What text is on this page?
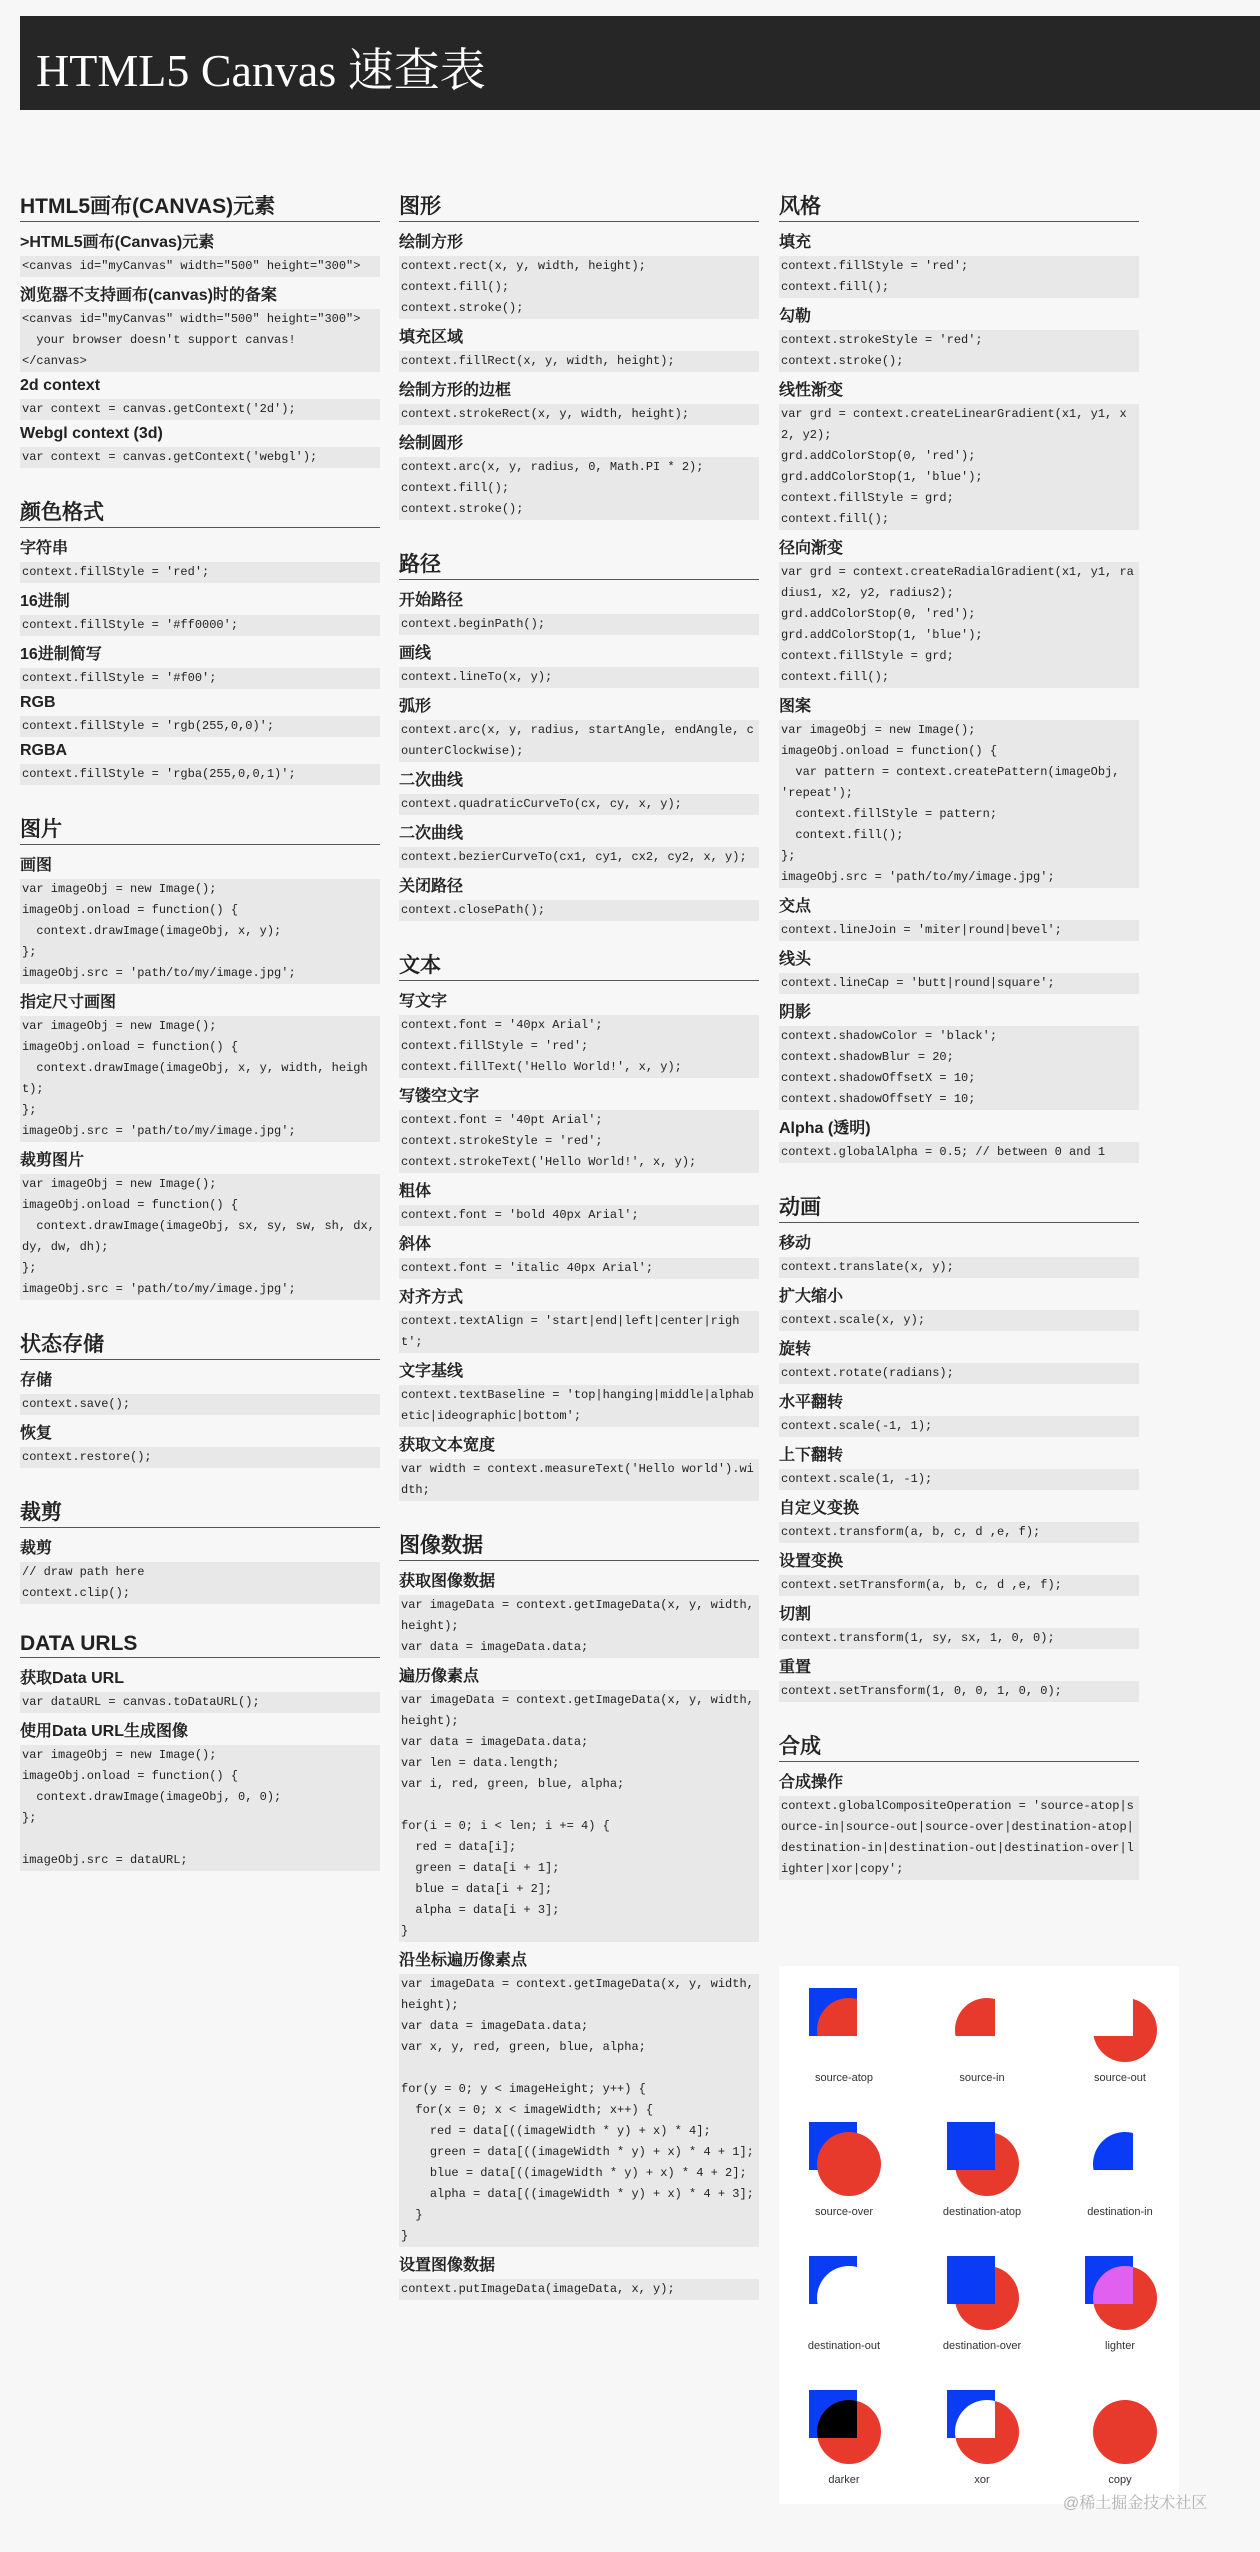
HTML5 Canvas 速查表
HTML5画布(CANVAS)元素
>HTML5画布(Canvas)元素
<canvas id="myCanvas" width="500" height="300">
浏览器不支持画布(canvas)时的备案
<canvas id="myCanvas" width="500" height="300">
your browser doesn't support canvas!
</canvas>
2d context
var context = canvas.getContext('2d');
Webgl context (3d)
var context = canvas.getContext('webgl');
颜色格式
字符串
context.fillStyle = 'red';
16进制
context.fillStyle = '#ff0000';
16进制简写
context.fillStyle = '#f00';
RGB
context.fillStyle = 'rgb(255,0,0)';
RGBA
context.fillStyle = 'rgba(255,0,0,1)';
图片
画图
var imageObj = new Image();
imageObj.onload = function() {
context.drawImage(imageObj, x, y);
};
imageObj.src = 'path/to/my/image.jpg';
指定尺寸画图
var imageObj = new Image();
imageObj.onload = function() {
context.drawImage(imageObj, x, y, width, height);
};
imageObj.src = 'path/to/my/image.jpg';
裁剪图片
var imageObj = new Image();
imageObj.onload = function() {
context.drawImage(imageObj, sx, sy, sw, sh, dx, dy, dw, dh);
};
imageObj.src = 'path/to/my/image.jpg';
状态存储
存储
context.save();
恢复
context.restore();
裁剪
裁剪
// draw path here
context.clip();
DATA URLS
获取Data URL
var dataURL = canvas.toDataURL();
使用Data URL生成图像
var imageObj = new Image();
imageObj.onload = function() {
context.drawImage(imageObj, 0, 0);
};

imageObj.src = dataURL;
图形
绘制方形
context.rect(x, y, width, height);
context.fill();
context.stroke();
填充区域
context.fillRect(x, y, width, height);
绘制方形的边框
context.strokeRect(x, y, width, height);
绘制圆形
context.arc(x, y, radius, 0, Math.PI * 2);
context.fill();
context.stroke();
路径
开始路径
context.beginPath();
画线
context.lineTo(x, y);
弧形
context.arc(x, y, radius, startAngle, endAngle, counterClockwise);
二次曲线
context.quadraticCurveTo(cx, cy, x, y);
二次曲线
context.bezierCurveTo(cx1, cy1, cx2, cy2, x, y);
关闭路径
context.closePath();
文本
写文字
context.font = '40px Arial';
context.fillStyle = 'red';
context.fillText('Hello World!', x, y);
写镂空文字
context.font = '40pt Arial';
context.strokeStyle = 'red';
context.strokeText('Hello World!', x, y);
粗体
context.font = 'bold 40px Arial';
斜体
context.font = 'italic 40px Arial';
对齐方式
context.textAlign = 'start|end|left|center|right';
文字基线
context.textBaseline = 'top|hanging|middle|alphabetic|ideographic|bottom';
获取文本宽度
var width = context.measureText('Hello world').width;
图像数据
获取图像数据
var imageData = context.getImageData(x, y, width, height);
var data = imageData.data;
遍历像素点
var imageData = context.getImageData(x, y, width, height);
var data = imageData.data;
var len = data.length;
var i, red, green, blue, alpha;

for(i = 0; i < len; i += 4) {
red = data[i];
green = data[i + 1];
blue = data[i + 2];
alpha = data[i + 3];
}
沿坐标遍历像素点
var imageData = context.getImageData(x, y, width, height);
var data = imageData.data;
var x, y, red, green, blue, alpha;

for(y = 0; y < imageHeight; y++) {
for(x = 0; x < imageWidth; x++) {
red = data[((imageWidth * y) + x) * 4];
green = data[((imageWidth * y) + x) * 4 + 1];
blue = data[((imageWidth * y) + x) * 4 + 2];
alpha = data[((imageWidth * y) + x) * 4 + 3];
}
}
设置图像数据
context.putImageData(imageData, x, y);
风格
填充
context.fillStyle = 'red';
context.fill();
勾勒
context.strokeStyle = 'red';
context.stroke();
线性渐变
var grd = context.createLinearGradient(x1, y1, x2, y2);
grd.addColorStop(0, 'red');
grd.addColorStop(1, 'blue');
context.fillStyle = grd;
context.fill();
径向渐变
var grd = context.createRadialGradient(x1, y1, radius1, x2, y2, radius2);
grd.addColorStop(0, 'red');
grd.addColorStop(1, 'blue');
context.fillStyle = grd;
context.fill();
图案
var imageObj = new Image();
imageObj.onload = function() {
var pattern = context.createPattern(imageObj, 'repeat');
context.fillStyle = pattern;
context.fill();
};
imageObj.src = 'path/to/my/image.jpg';
交点
context.lineJoin = 'miter|round|bevel';
线头
context.lineCap = 'butt|round|square';
阴影
context.shadowColor = 'black';
context.shadowBlur = 20;
context.shadowOffsetX = 10;
context.shadowOffsetY = 10;
Alpha (透明)
context.globalAlpha = 0.5; // between 0 and 1
动画
移动
context.translate(x, y);
扩大缩小
context.scale(x, y);
旋转
context.rotate(radians);
水平翻转
context.scale(-1, 1);
上下翻转
context.scale(1, -1);
自定义变换
context.transform(a, b, c, d ,e, f);
设置变换
context.setTransform(a, b, c, d ,e, f);
切割
context.transform(1, sy, sx, 1, 0, 0);
重置
context.setTransform(1, 0, 0, 1, 0, 0);
合成
合成操作
context.globalCompositeOperation = 'source-atop|source-in|source-out|source-over|destination-atop|destination-in|destination-out|destination-over|lighter|xor|copy';
source-atop	source-in	source-out
source-over	destination-atop	destination-in
destination-out	destination-over	lighter
darker	xor	copy
@稀土掘金技术社区
